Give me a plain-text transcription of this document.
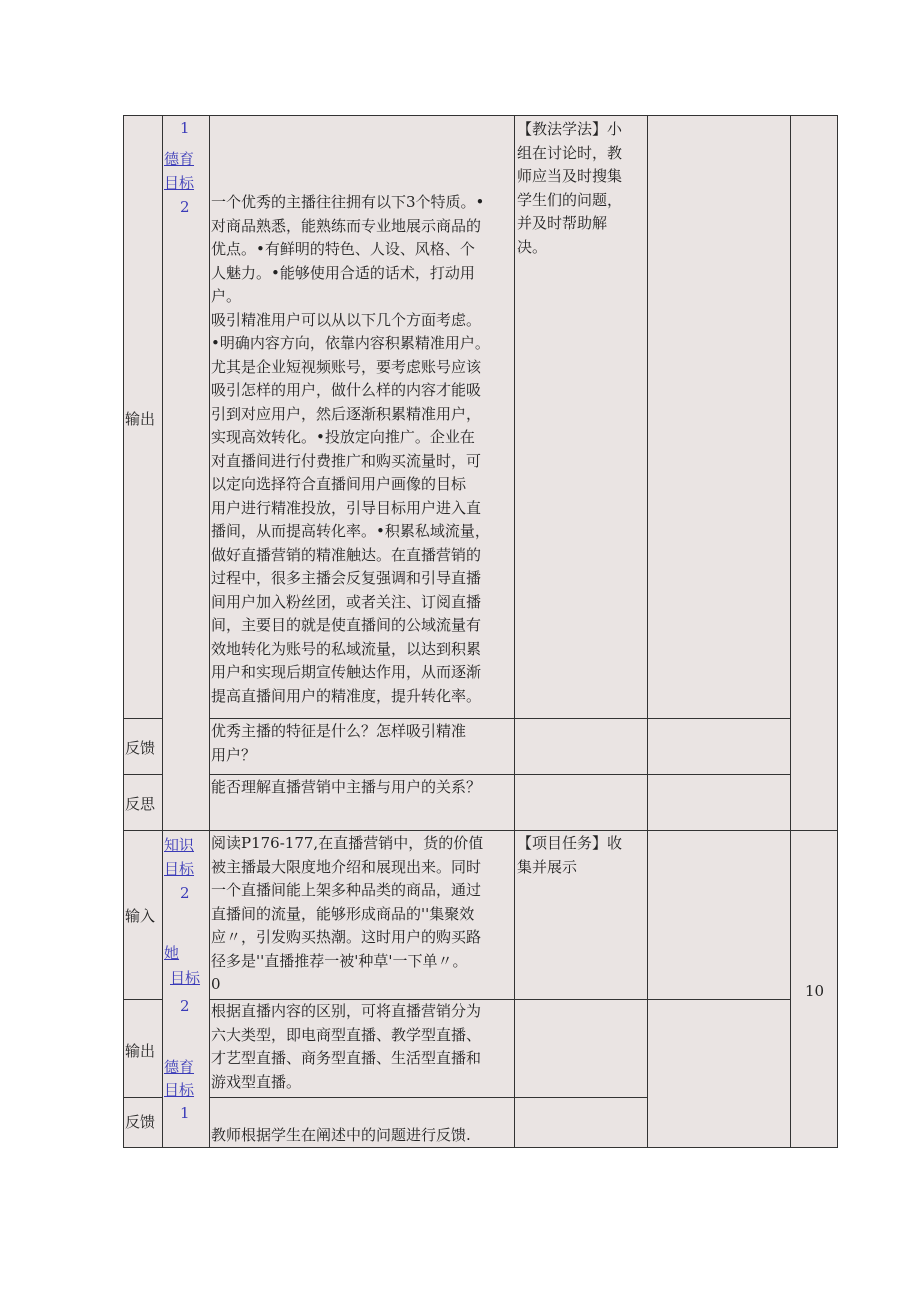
1
德育
目标
2
输出
一个优秀的主播往往拥有以下3个特质。•
对商品熟悉，能熟练而专业地展示商品的
优点。•有鲜明的特色、人设、风格、个
人魅力。•能够使用合适的话术，打动用
户。
吸引精准用户可以从以下几个方面考虑。
•明确内容方向，依靠内容积累精准用户。
尤其是企业短视频账号，要考虑账号应该
吸引怎样的用户，做什么样的内容才能吸
引到对应用户，然后逐渐积累精准用户，
实现高效转化。•投放定向推广。企业在
对直播间进行付费推广和购买流量时，可
以定向选择符合直播间用户画像的目标
用户进行精准投放，引导目标用户进入直
播间，从而提高转化率。•积累私域流量，
做好直播营销的精准触达。在直播营销的
过程中，很多主播会反复强调和引导直播
间用户加入粉丝团，或者关注、订阅直播
间，主要目的就是使直播间的公域流量有
效地转化为账号的私域流量，以达到积累
用户和实现后期宣传触达作用，从而逐渐
提高直播间用户的精准度，提升转化率。
【教法学法】小
组在讨论时，教
师应当及时搜集
学生们的问题，
并及时帮助解
决。
反馈
优秀主播的特征是什么？怎样吸引精准
用户？
反思
能否理解直播营销中主播与用户的关系？
输入
知识
目标
2
她
目标
2
德育
目标
1
阅读P176-177,在直播营销中，货的价值
被主播最大限度地介绍和展现出来。同时
一个直播间能上架多种品类的商品，通过
直播间的流量，能够形成商品的''集聚效
应〃，引发购买热潮。这时用户的购买路
径多是''直播推荐一被'种草'一下单〃。
0
【项目任务】收
集并展示
10
输出
根据直播内容的区别，可将直播营销分为
六大类型，即电商型直播、教学型直播、
才艺型直播、商务型直播、生活型直播和
游戏型直播。
反馈
教师根据学生在阐述中的问题进行反馈.
